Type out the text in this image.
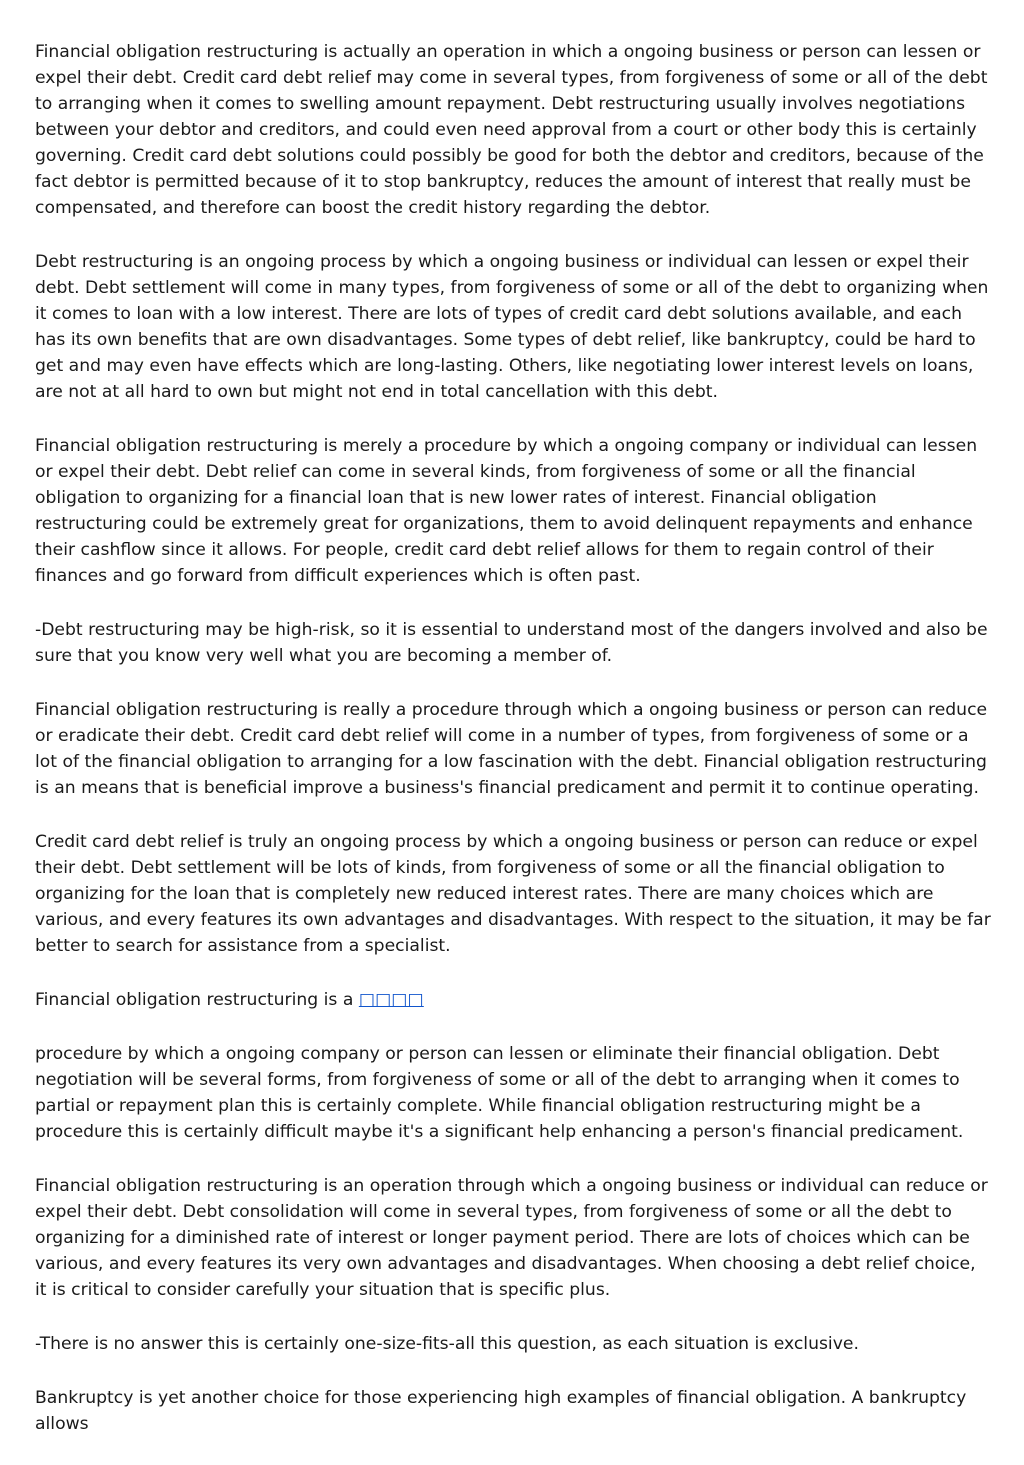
Financial obligation restructuring is actually an operation in which a ongoing business or person can lessen or expel their debt. Credit card debt relief may come in several types, from forgiveness of some or all of the debt to arranging when it comes to swelling amount repayment. Debt restructuring usually involves negotiations between your debtor and creditors, and could even need approval from a court or other body this is certainly governing. Credit card debt solutions could possibly be good for both the debtor and creditors, because of the fact debtor is permitted because of it to stop bankruptcy, reduces the amount of interest that really must be compensated, and therefore can boost the credit history regarding the debtor.

Debt restructuring is an ongoing process by which a ongoing business or individual can lessen or expel their debt. Debt settlement will come in many types, from forgiveness of some or all of the debt to organizing when it comes to loan with a low interest. There are lots of types of credit card debt solutions available, and each has its own benefits that are own disadvantages. Some types of debt relief, like bankruptcy, could be hard to get and may even have effects which are long-lasting. Others, like negotiating lower interest levels on loans, are not at all hard to own but might not end in total cancellation with this debt.

Financial obligation restructuring is merely a procedure by which a ongoing company or individual can lessen or expel their debt. Debt relief can come in several kinds, from forgiveness of some or all the financial obligation to organizing for a financial loan that is new lower rates of interest. Financial obligation restructuring could be extremely great for organizations, them to avoid delinquent repayments and enhance their cashflow since it allows. For people, credit card debt relief allows for them to regain control of their finances and go forward from difficult experiences which is often past.

-Debt restructuring may be high-risk, so it is essential to understand most of the dangers involved and also be sure that you know very well what you are becoming a member of.

Financial obligation restructuring is really a procedure through which a ongoing business or person can reduce or eradicate their debt. Credit card debt relief will come in a number of types, from forgiveness of some or a lot of the financial obligation to arranging for a low fascination with the debt. Financial obligation restructuring is an means that is beneficial improve a business's financial predicament and permit it to continue operating.

Credit card debt relief is truly an ongoing process by which a ongoing business or person can reduce or expel their debt. Debt settlement will be lots of kinds, from forgiveness of some or all the financial obligation to organizing for the loan that is completely new reduced interest rates. There are many choices which are various, and every features its own advantages and disadvantages. With respect to the situation, it may be far better to search for assistance from a specialist.

Financial obligation restructuring is a □□□□

procedure by which a ongoing company or person can lessen or eliminate their financial obligation. Debt negotiation will be several forms, from forgiveness of some or all of the debt to arranging when it comes to partial or repayment plan this is certainly complete. While financial obligation restructuring might be a procedure this is certainly difficult maybe it's a significant help enhancing a person's financial predicament.

Financial obligation restructuring is an operation through which a ongoing business or individual can reduce or expel their debt. Debt consolidation will come in several types, from forgiveness of some or all the debt to organizing for a diminished rate of interest or longer payment period. There are lots of choices which can be various, and every features its very own advantages and disadvantages. When choosing a debt relief choice, it is critical to consider carefully your situation that is specific plus.

-There is no answer this is certainly one-size-fits-all this question, as each situation is exclusive.

Bankruptcy is yet another choice for those experiencing high examples of financial obligation. A bankruptcy allows
